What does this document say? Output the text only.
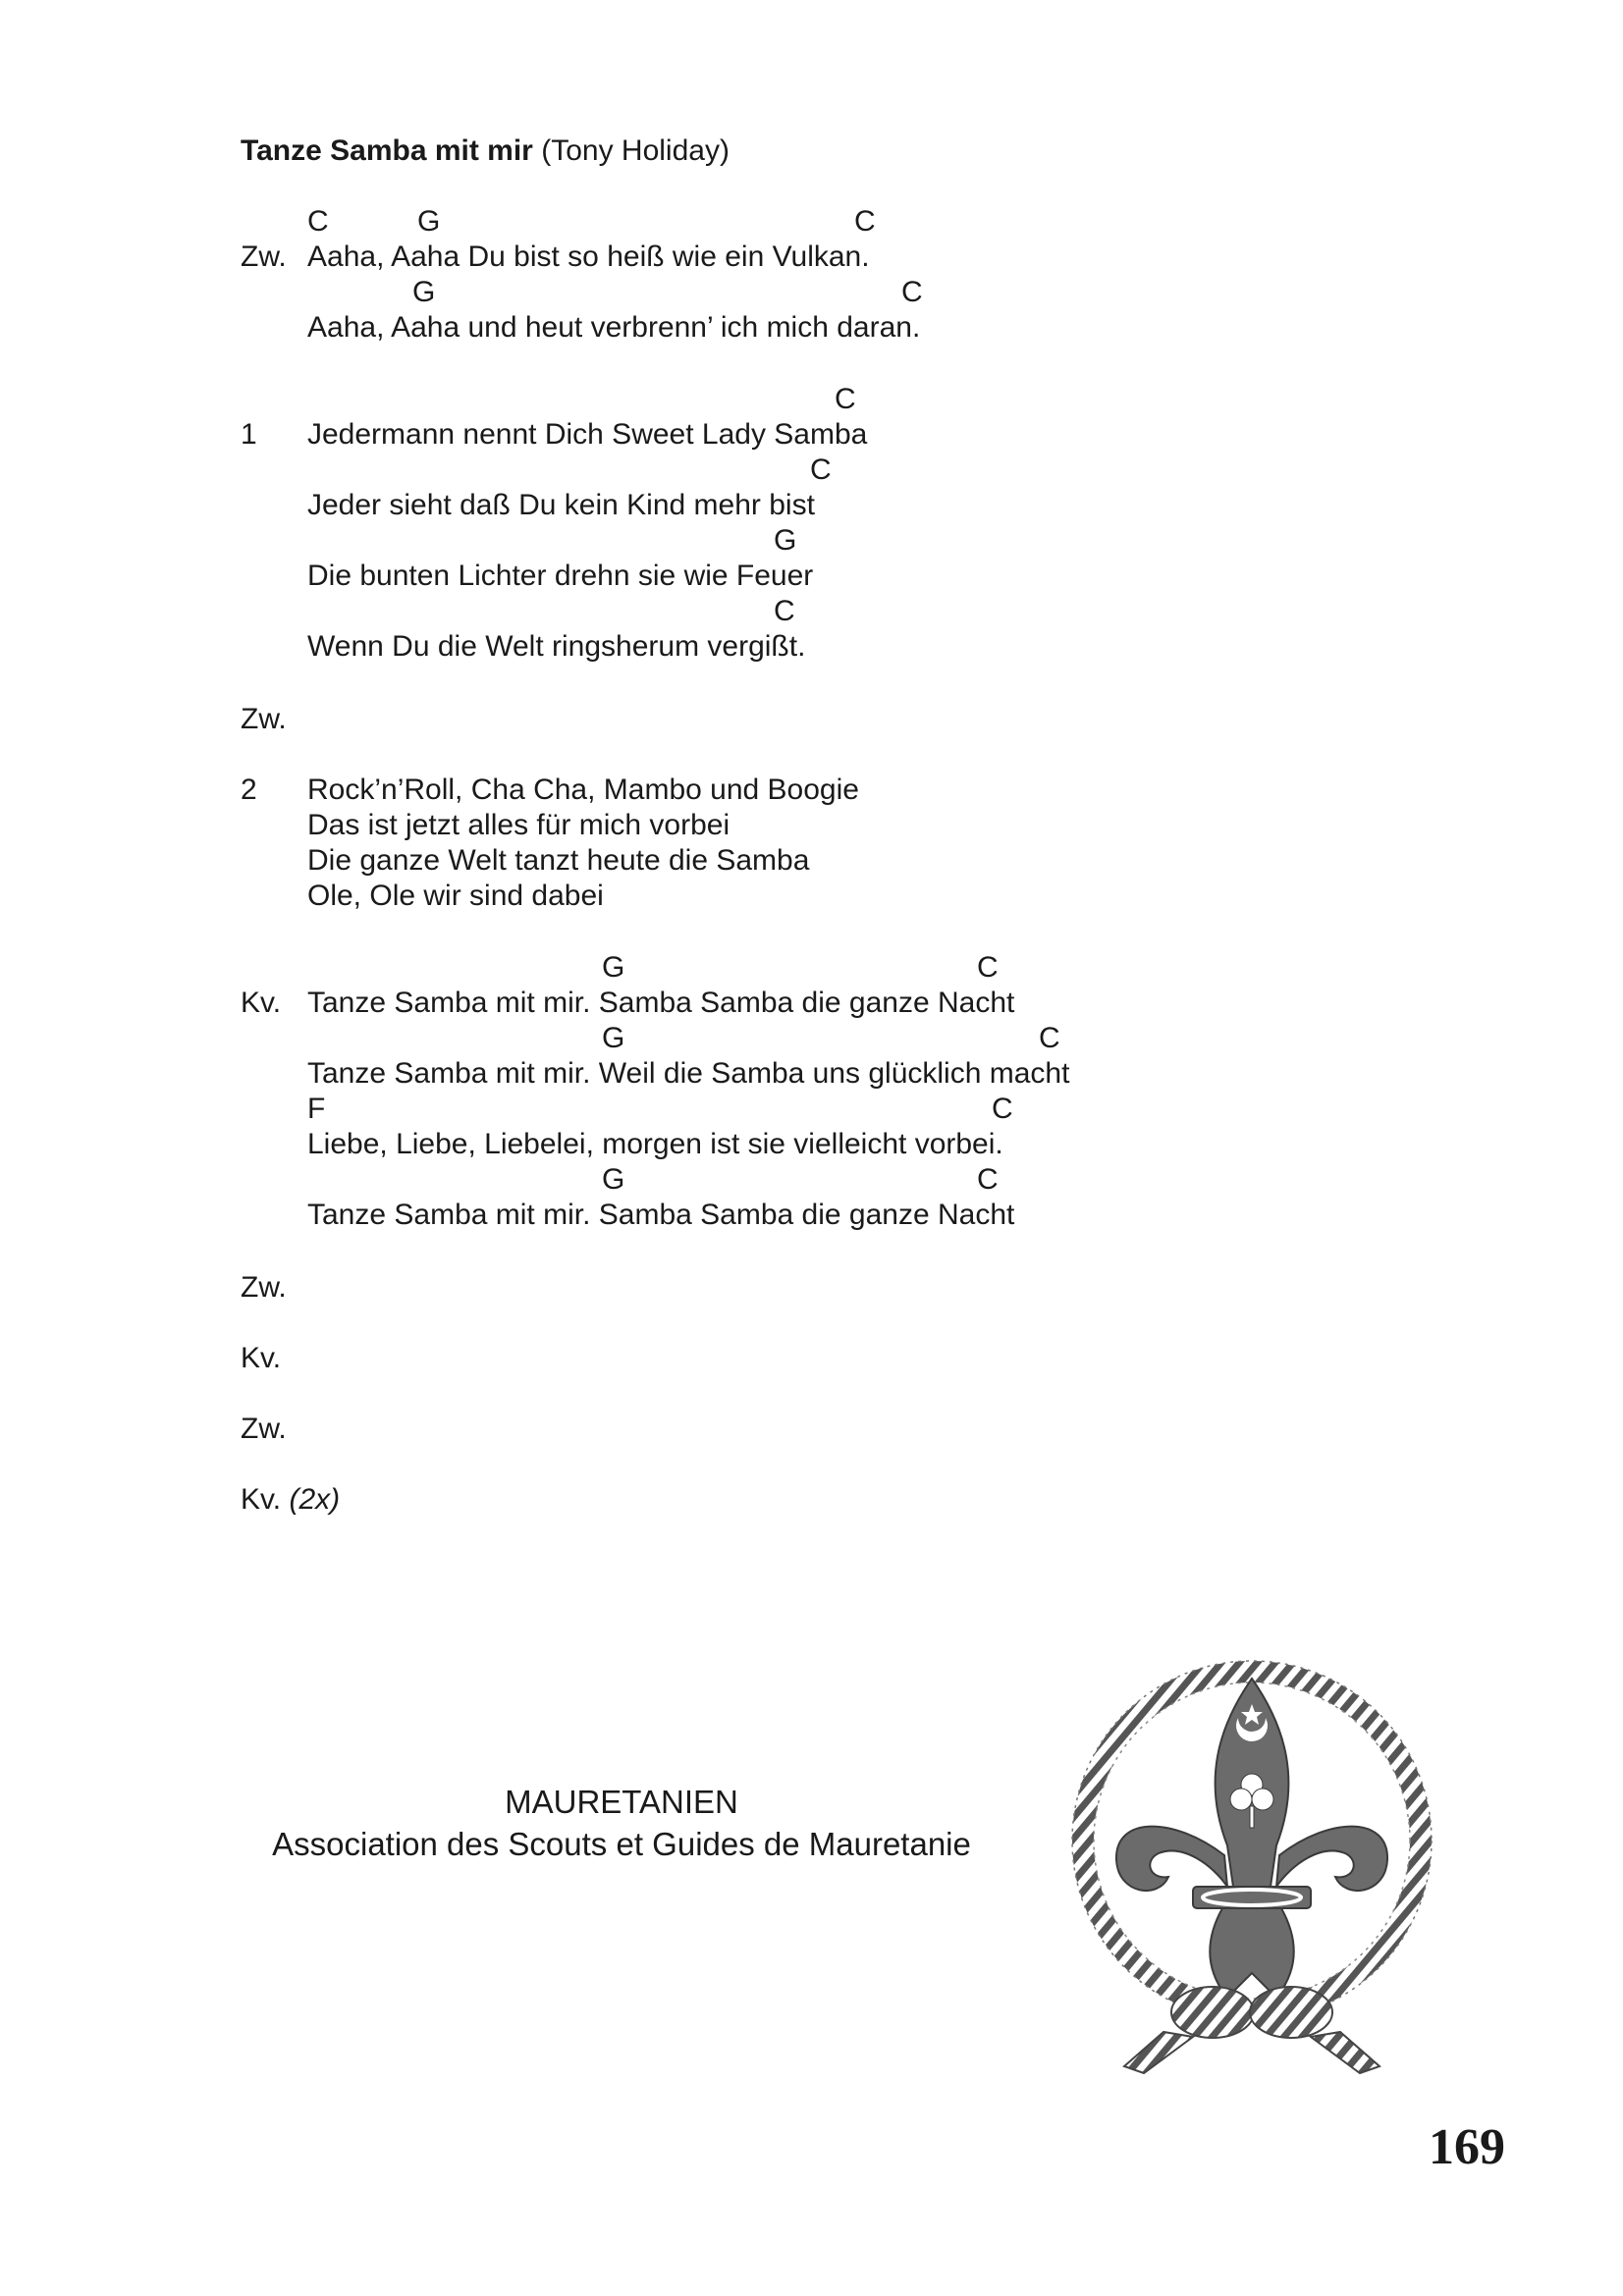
Tanze Samba mit mir (Tony Holiday)
C	G	C
Zw. Aaha, Aaha Du bist so heiß wie ein Vulkan.
G	C
Aaha, Aaha und heut verbrenn’ ich mich daran.
C
1 Jedermann nennt Dich Sweet Lady Samba
C
Jeder sieht daß Du kein Kind mehr bist
G
Die bunten Lichter drehn sie wie Feuer
C
Wenn Du die Welt ringsherum vergißt.
Zw.
2 Rock’n’Roll, Cha Cha, Mambo und Boogie
Das ist jetzt alles für mich vorbei
Die ganze Welt tanzt heute die Samba
Ole, Ole wir sind dabei
G	C
Kv. Tanze Samba mit mir. Samba Samba die ganze Nacht
G	C
Tanze Samba mit mir. Weil die Samba uns glücklich macht
F	C
Liebe, Liebe, Liebelei, morgen ist sie vielleicht vorbei.
G	C
Tanze Samba mit mir. Samba Samba die ganze Nacht
Zw.
Kv.
Zw.
Kv. (2x)
MAURETANIEN
Association des Scouts et Guides de Mauretanie
169
